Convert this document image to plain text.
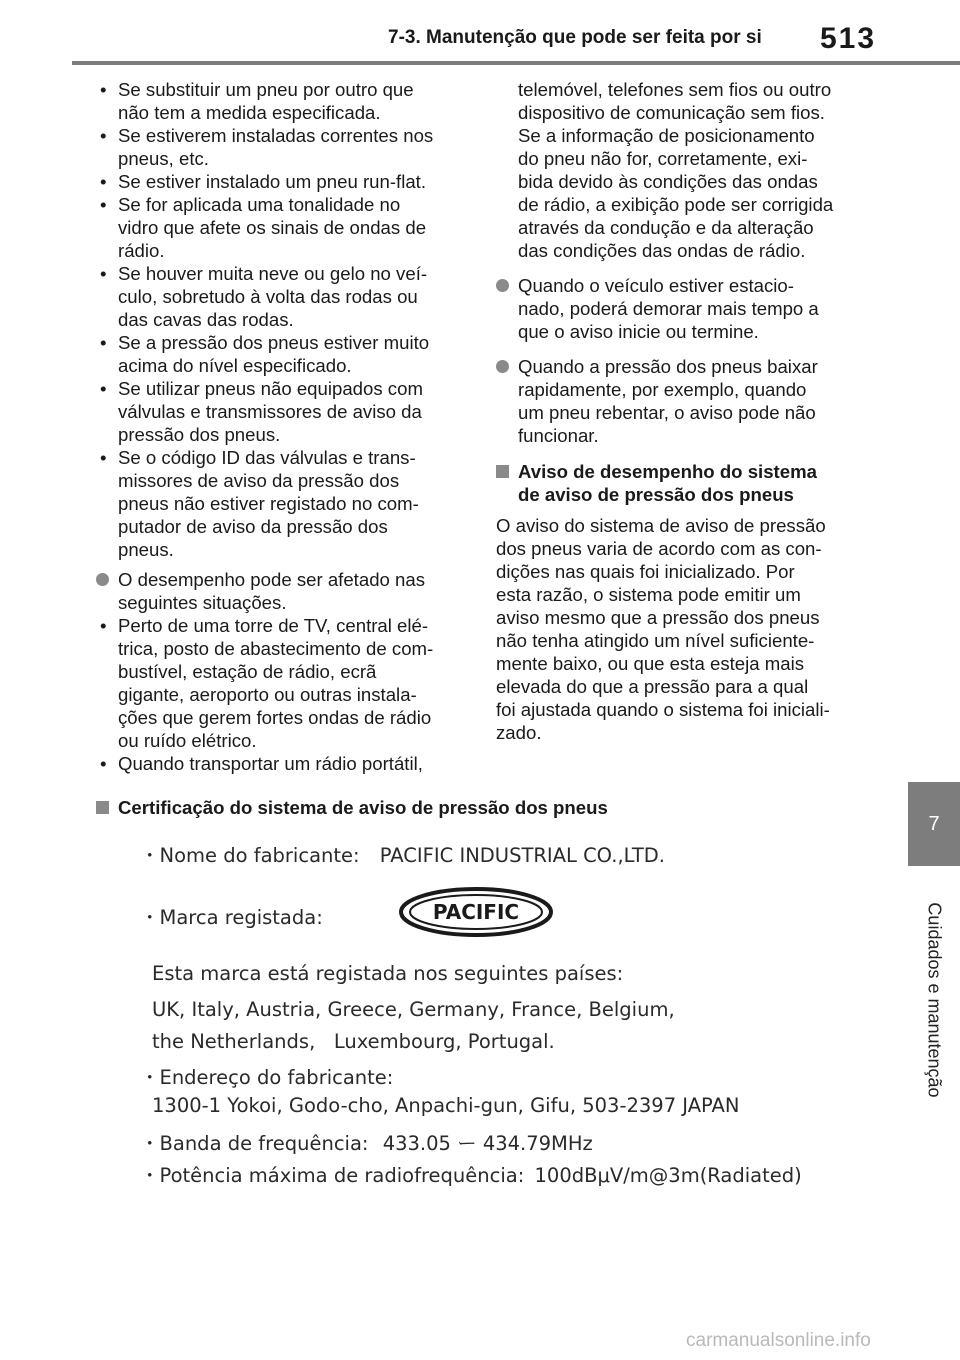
7-3. Manutenção que pode ser feita por si 513
7
Cuidados e manutenção
• Se substituir um pneu por outro que
não tem a medida especificada.
• Se estiverem instaladas correntes nos
pneus, etc.
• Se estiver instalado um pneu run-flat.
• Se for aplicada uma tonalidade no
vidro que afete os sinais de ondas de
rádio.
• Se houver muita neve ou gelo no veí-
culo, sobretudo à volta das rodas ou
das cavas das rodas.
• Se a pressão dos pneus estiver muito
acima do nível especificado.
• Se utilizar pneus não equipados com
válvulas e transmissores de aviso da
pressão dos pneus.
• Se o código ID das válvulas e trans-
missores de aviso da pressão dos
pneus não estiver registado no com-
putador de aviso da pressão dos
pneus.
O desempenho pode ser afetado nas
seguintes situações.
• Perto de uma torre de TV, central elé-
trica, posto de abastecimento de com-
bustível, estação de rádio, ecrã
gigante, aeroporto ou outras instala-
ções que gerem fortes ondas de rádio
ou ruído elétrico.
• Quando transportar um rádio portátil,
telemóvel, telefones sem fios ou outro
dispositivo de comunicação sem fios.
Se a informação de posicionamento
do pneu não for, corretamente, exi-
bida devido às condições das ondas
de rádio, a exibição pode ser corrigida
através da condução e da alteração
das condições das ondas de rádio.
Quando o veículo estiver estacio-
nado, poderá demorar mais tempo a
que o aviso inicie ou termine.
Quando a pressão dos pneus baixar
rapidamente, por exemplo, quando
um pneu rebentar, o aviso pode não
funcionar.
Aviso de desempenho do sistema
de aviso de pressão dos pneus
O aviso do sistema de aviso de pressão
dos pneus varia de acordo com as con-
dições nas quais foi inicializado. Por
esta razão, o sistema pode emitir um
aviso mesmo que a pressão dos pneus
não tenha atingido um nível suficiente-
mente baixo, ou que esta esteja mais
elevada do que a pressão para a qual
foi ajustada quando o sistema foi iniciali-
zado.
Certificação do sistema de aviso de pressão dos pneus
・Nome do fabricante: PACIFIC INDUSTRIAL CO.,LTD.
・Marca registada:	PACIFIC
Esta marca está registada nos seguintes países:
UK, Italy, Austria, Greece, Germany, France, Belgium,
the Netherlands,   Luxembourg, Portugal.
・Endereço do fabricante:
1300-1 Yokoi, Godo-cho, Anpachi-gun, Gifu, 503-2397 JAPAN
・Banda de frequência: 433.05 ー 434.79MHz
・Potência máxima de radiofrequência: 100dBμV/m@3m(Radiated)
carmanualsonline.info
